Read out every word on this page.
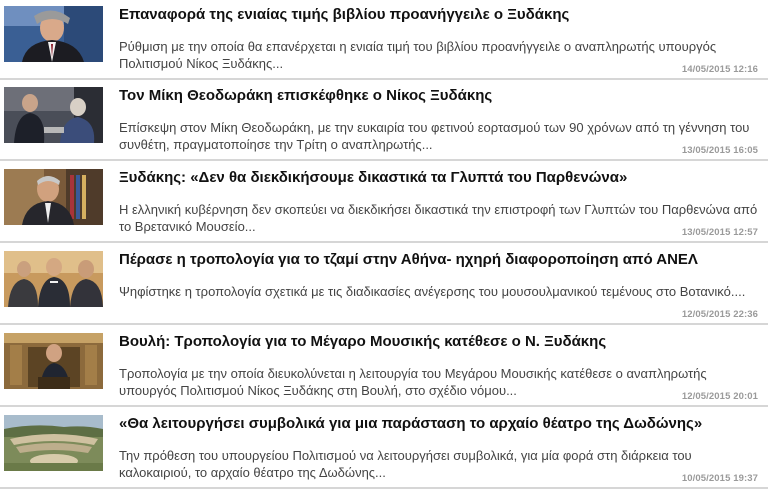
Επαναφορά της ενιαίας τιμής βιβλίου προανήγγειλε ο Ξυδάκης
Ρύθμιση με την οποία θα επανέρχεται η ενιαία τιμή του βιβλίου προανήγγειλε ο αναπληρωτής υπουργός Πολιτισμού Νίκος Ξυδάκης...	14/05/2015 12:16
Τον Μίκη Θεοδωράκη επισκέφθηκε ο Νίκος Ξυδάκης
Επίσκεψη στον Μίκη Θεοδωράκη, με την ευκαιρία του φετινού εορτασμού των 90 χρόνων από τη γέννηση του συνθέτη, πραγματοποίησε την Τρίτη ο αναπληρωτής...	13/05/2015 16:05
Ξυδάκης: «Δεν θα διεκδικήσουμε δικαστικά τα Γλυπτά του Παρθενώνα»
Η ελληνική κυβέρνηση δεν σκοπεύει να διεκδικήσει δικαστικά την επιστροφή των Γλυπτών του Παρθενώνα από το Βρετανικό Μουσείο...	13/05/2015 12:57
Πέρασε η τροπολογία για το τζαμί στην Αθήνα- ηχηρή διαφοροποίηση από ΑΝΕΛ
Ψηφίστηκε η τροπολογία σχετικά με τις διαδικασίες ανέγερσης του μουσουλμανικού τεμένους στο Βοτανικό....
12/05/2015 22:36
Βουλή: Τροπολογία για το Μέγαρο Μουσικής κατέθεσε ο Ν. Ξυδάκης
Τροπολογία με την οποία διευκολύνεται η λειτουργία του Μεγάρου Μουσικής κατέθεσε ο αναπληρωτής υπουργός Πολιτισμού Νίκος Ξυδάκης στη Βουλή, στο σχέδιο νόμου...	12/05/2015 20:01
«Θα λειτουργήσει συμβολικά για μια παράσταση το αρχαίο θέατρο της Δωδώνης»
Την πρόθεση του υπουργείου Πολιτισμού να λειτουργήσει συμβολικά, για μία φορά στη διάρκεια του καλοκαιριού, το αρχαίο θέατρο της Δωδώνης...	10/05/2015 19:37
